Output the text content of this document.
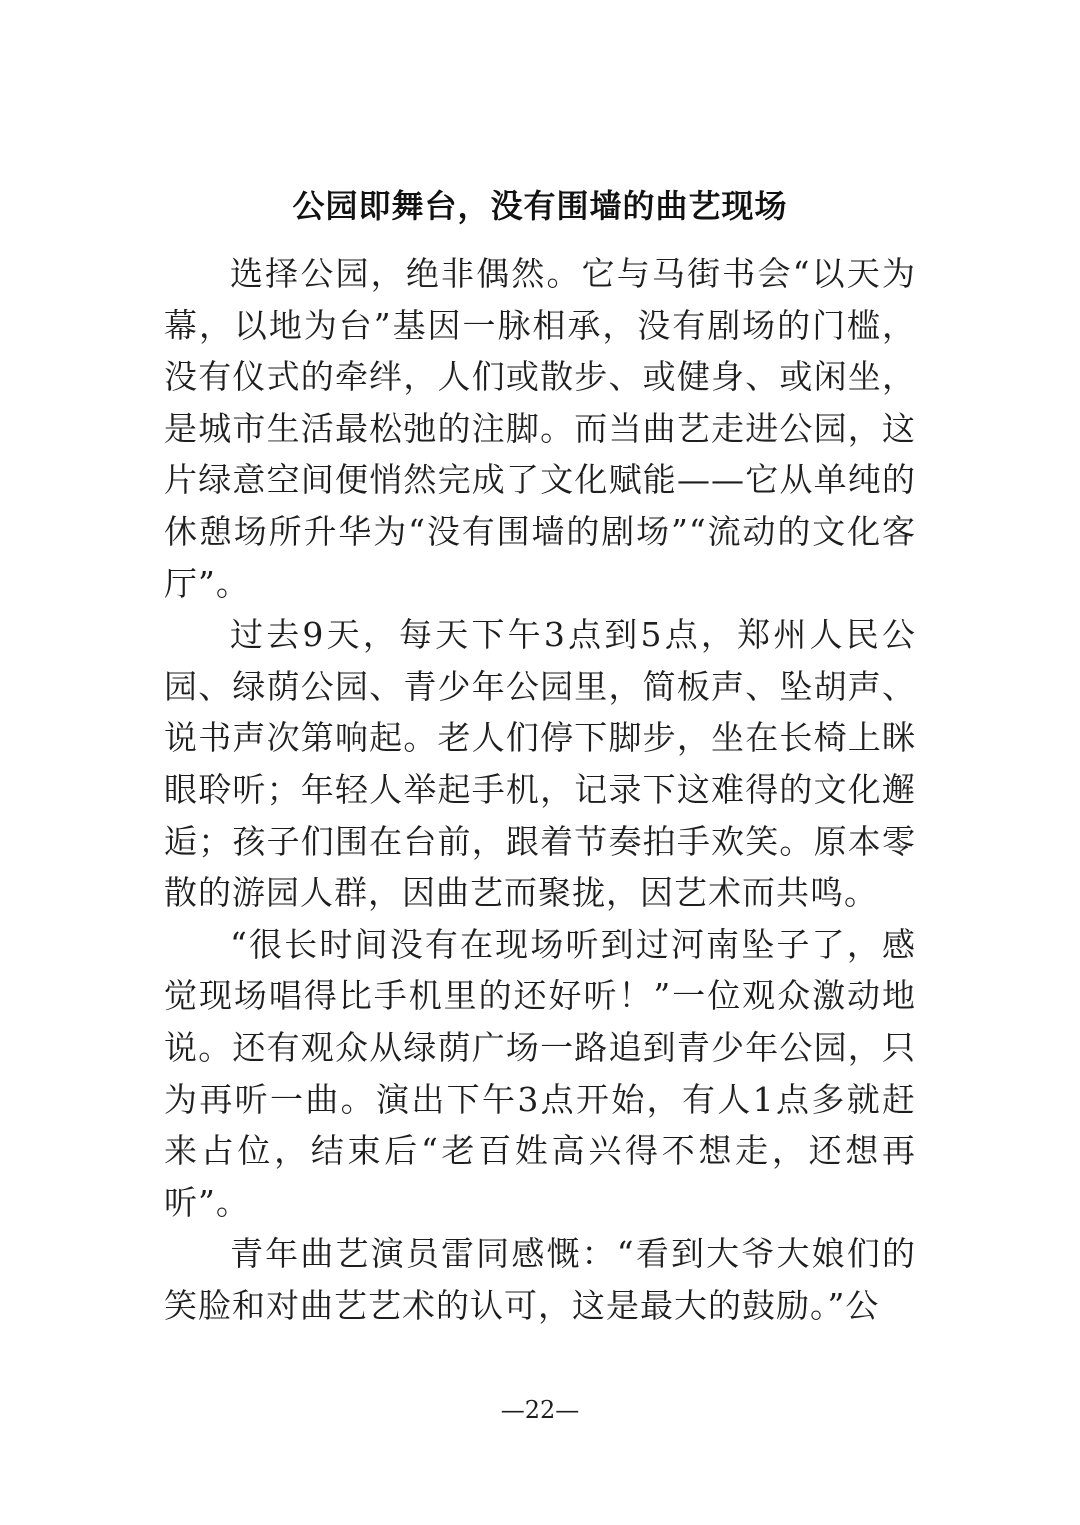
公园即舞台，没有围墙的曲艺现场

选择公园，绝非偶然。它与马街书会“以天为幕，以地为台”基因一脉相承，没有剧场的门槛，没有仪式的牵绊，人们或散步、或健身、或闲坐，是城市生活最松弛的注脚。而当曲艺走进公园，这片绿意空间便悄然完成了文化赋能——它从单纯的休憩场所升华为“没有围墙的剧场”“流动的文化客厅”。

过去9天，每天下午3点到5点，郑州人民公园、绿荫公园、青少年公园里，简板声、坠胡声、说书声次第响起。老人们停下脚步，坐在长椅上眯眼聆听；年轻人举起手机，记录下这难得的文化邂逅；孩子们围在台前，跟着节奏拍手欢笑。原本零散的游园人群，因曲艺而聚拢，因艺术而共鸣。

“很长时间没有在现场听到过河南坠子了，感觉现场唱得比手机里的还好听！”一位观众激动地说。还有观众从绿荫广场一路追到青少年公园，只为再听一曲。演出下午3点开始，有人1点多就赶来占位，结束后“老百姓高兴得不想走，还想再听”。

青年曲艺演员雷同感慨：“看到大爷大娘们的笑脸和对曲艺艺术的认可，这是最大的鼓励。”公

—22—
